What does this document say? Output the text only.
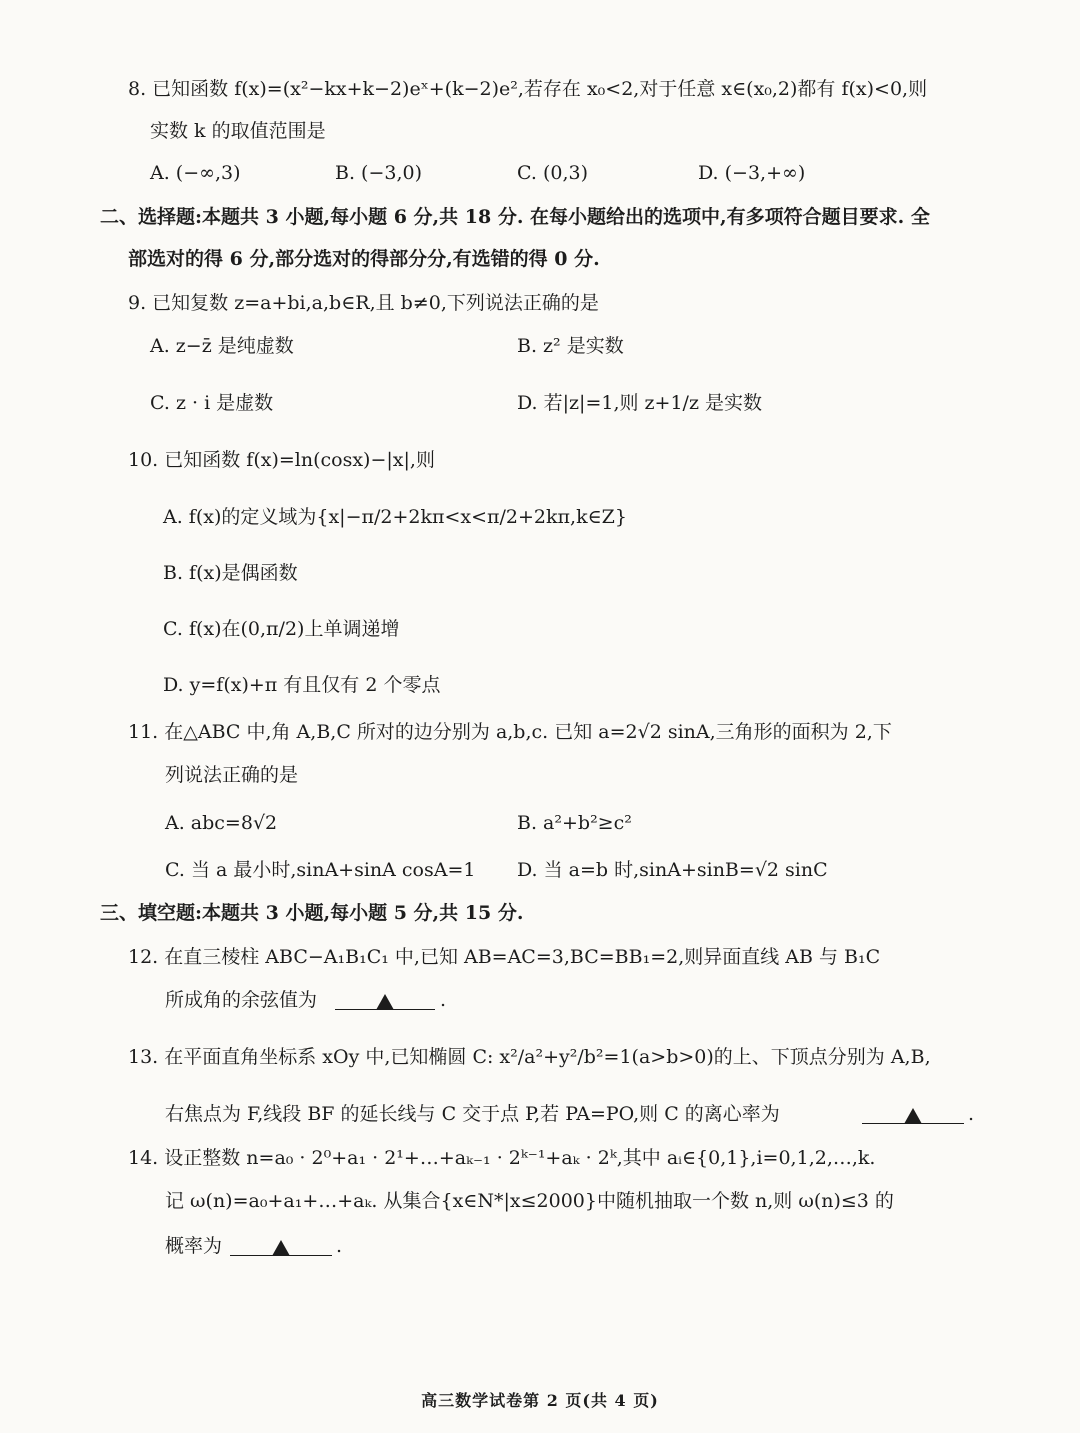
8. 已知函数 f(x)=(x²−kx+k−2)eˣ+(k−2)e²,若存在 x₀<2,对于任意 x∈(x₀,2)都有 f(x)<0,则
实数 k 的取值范围是
A. (−∞,3)	B. (−3,0)	C. (0,3)	D. (−3,+∞)
二、选择题:本题共 3 小题,每小题 6 分,共 18 分. 在每小题给出的选项中,有多项符合题目要求. 全
部选对的得 6 分,部分选对的得部分分,有选错的得 0 分.
9. 已知复数 z=a+bi,a,b∈R,且 b≠0,下列说法正确的是
A. z−z̄ 是纯虚数	B. z² 是实数
C. z · i 是虚数	D. 若|z|=1,则 z+1/z 是实数
10. 已知函数 f(x)=ln(cosx)−|x|,则
A. f(x)的定义域为{x|−π/2+2kπ<x<π/2+2kπ,k∈Z}
B. f(x)是偶函数
C. f(x)在(0,π/2)上单调递增
D. y=f(x)+π 有且仅有 2 个零点
11. 在△ABC 中,角 A,B,C 所对的边分别为 a,b,c. 已知 a=2√2 sinA,三角形的面积为 2,下
列说法正确的是
A. abc=8√2	B. a²+b²≥c²
C. 当 a 最小时,sinA+sinA cosA=1 D. 当 a=b 时,sinA+sinB=√2 sinC
三、填空题:本题共 3 小题,每小题 5 分,共 15 分.
12. 在直三棱柱 ABC−A₁B₁C₁ 中,已知 AB=AC=3,BC=BB₁=2,则异面直线 AB 与 B₁C
所成角的余弦值为	.
13. 在平面直角坐标系 xOy 中,已知椭圆 C: x²/a²+y²/b²=1(a>b>0)的上、下顶点分别为 A,B,
右焦点为 F,线段 BF 的延长线与 C 交于点 P,若 PA=PO,则 C 的离心率为	.
14. 设正整数 n=a₀ · 2⁰+a₁ · 2¹+…+aₖ₋₁ · 2ᵏ⁻¹+aₖ · 2ᵏ,其中 aᵢ∈{0,1},i=0,1,2,…,k.
记 ω(n)=a₀+a₁+…+aₖ. 从集合{x∈N*|x≤2000}中随机抽取一个数 n,则 ω(n)≤3 的
概率为	.
高三数学试卷第 2 页(共 4 页)
